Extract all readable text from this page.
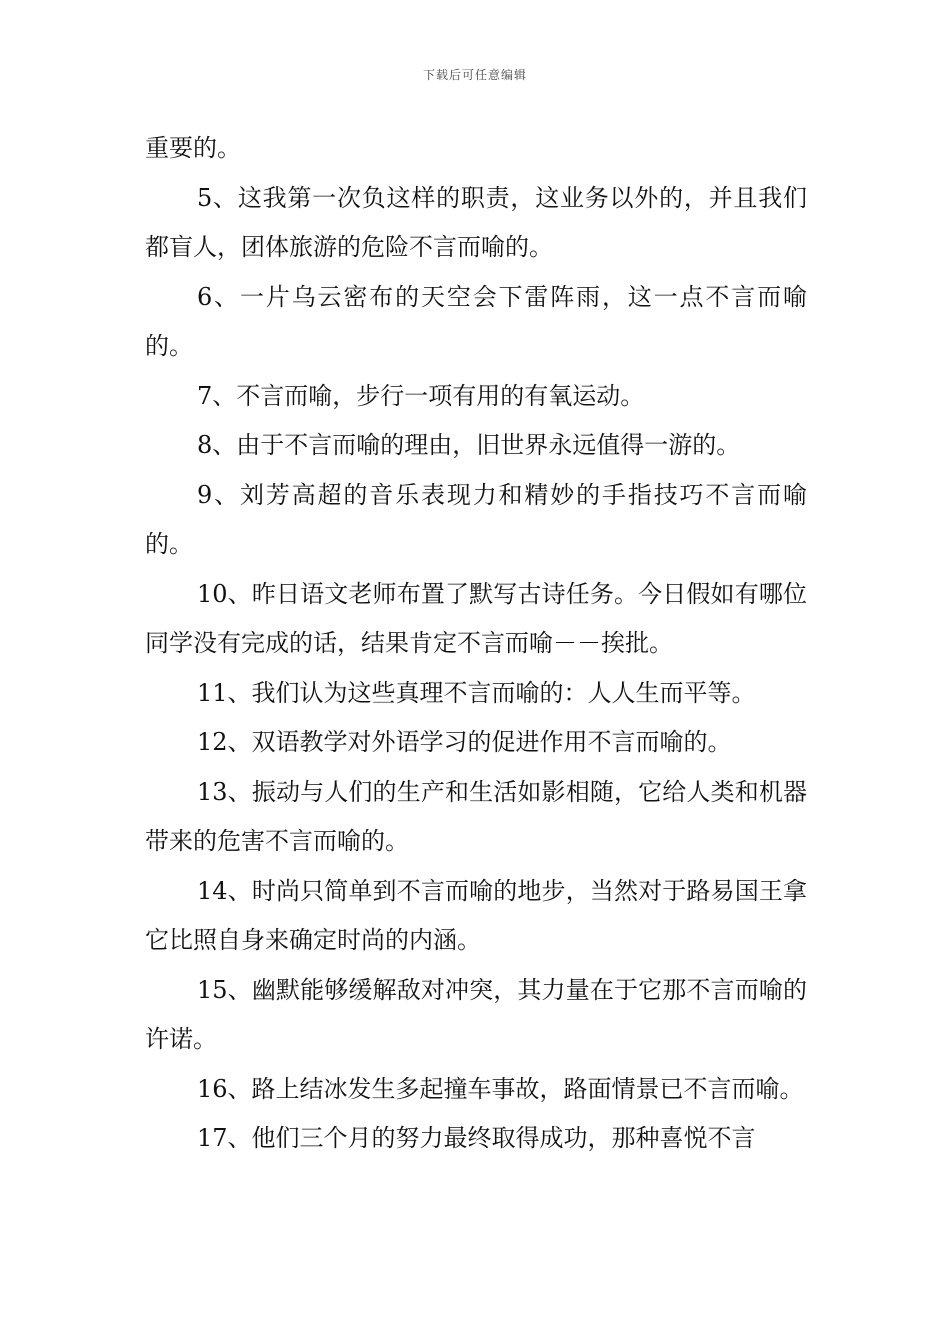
下载后可任意编辑

重要的。

5、这我第一次负这样的职责，这业务以外的，并且我们都盲人，团体旅游的危险不言而喻的。

6、一片乌云密布的天空会下雷阵雨，这一点不言而喻的。

7、不言而喻，步行一项有用的有氧运动。

8、由于不言而喻的理由，旧世界永远值得一游的。

9、刘芳高超的音乐表现力和精妙的手指技巧不言而喻的。

10、昨日语文老师布置了默写古诗任务。今日假如有哪位同学没有完成的话，结果肯定不言而喻－－挨批。

11、我们认为这些真理不言而喻的：人人生而平等。

12、双语教学对外语学习的促进作用不言而喻的。

13、振动与人们的生产和生活如影相随，它给人类和机器带来的危害不言而喻的。

14、时尚只简单到不言而喻的地步，当然对于路易国王拿它比照自身来确定时尚的内涵。

15、幽默能够缓解敌对冲突，其力量在于它那不言而喻的许诺。

16、路上结冰发生多起撞车事故，路面情景已不言而喻。

17、他们三个月的努力最终取得成功，那种喜悦不言
